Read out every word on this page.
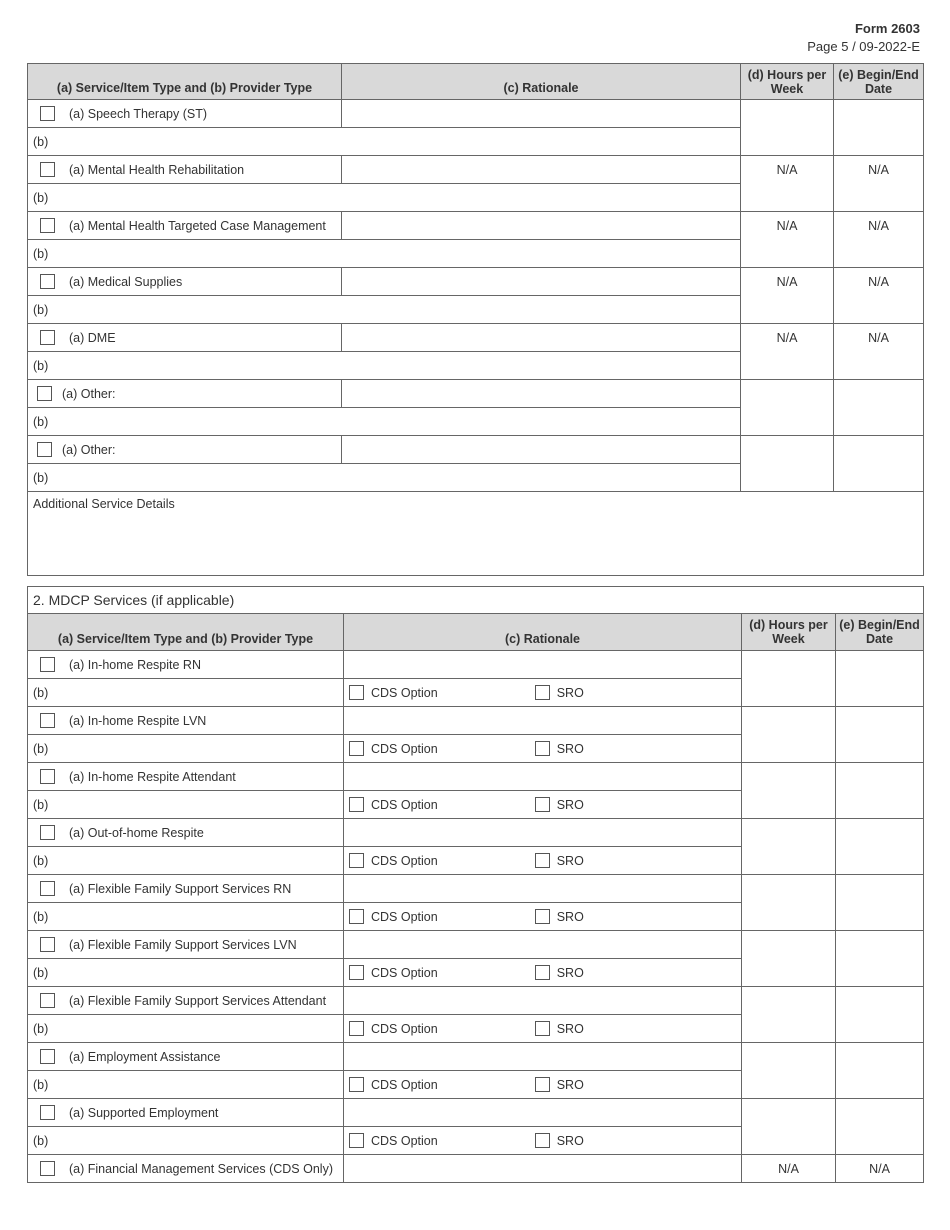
Form 2603
Page 5 / 09-2022-E
(a) Service/Item Type and (b) Provider Type	(c) Rationale	(d) Hours per Week	(e) Begin/End Date

(a) Speech Therapy (ST)			

(b)			

(a) Mental Health Rehabilitation		N/A	N/A
(b)			

(a) Mental Health Targeted Case Management		N/A	N/A
(b)			

(a) Medical Supplies		N/A	N/A
(b)			

(a) DME		N/A	N/A
(b)			

(a) Other:			

(b)			

(a) Other:			

(b)			
Additional Service Details			
2. MDCP Services (if applicable)			
(a) Service/Item Type and (b) Provider Type	(c) Rationale	(d) Hours per Week	(e) Begin/End Date

(a) In-home Respite RN			

(b)	CDS Option SRO		

(a) In-home Respite LVN			

(b)	CDS Option SRO		

(a) In-home Respite Attendant			

(b)	CDS Option SRO		

(a) Out-of-home Respite			

(b)	CDS Option SRO		

(a) Flexible Family Support Services RN			

(b)	CDS Option SRO		

(a) Flexible Family Support Services LVN			

(b)	CDS Option SRO		

(a) Flexible Family Support Services Attendant			

(b)	CDS Option SRO		

(a) Employment Assistance			

(b)	CDS Option SRO		

(a) Supported Employment			

(b)	CDS Option SRO		

(a) Financial Management Services (CDS Only)		N/A	N/A
